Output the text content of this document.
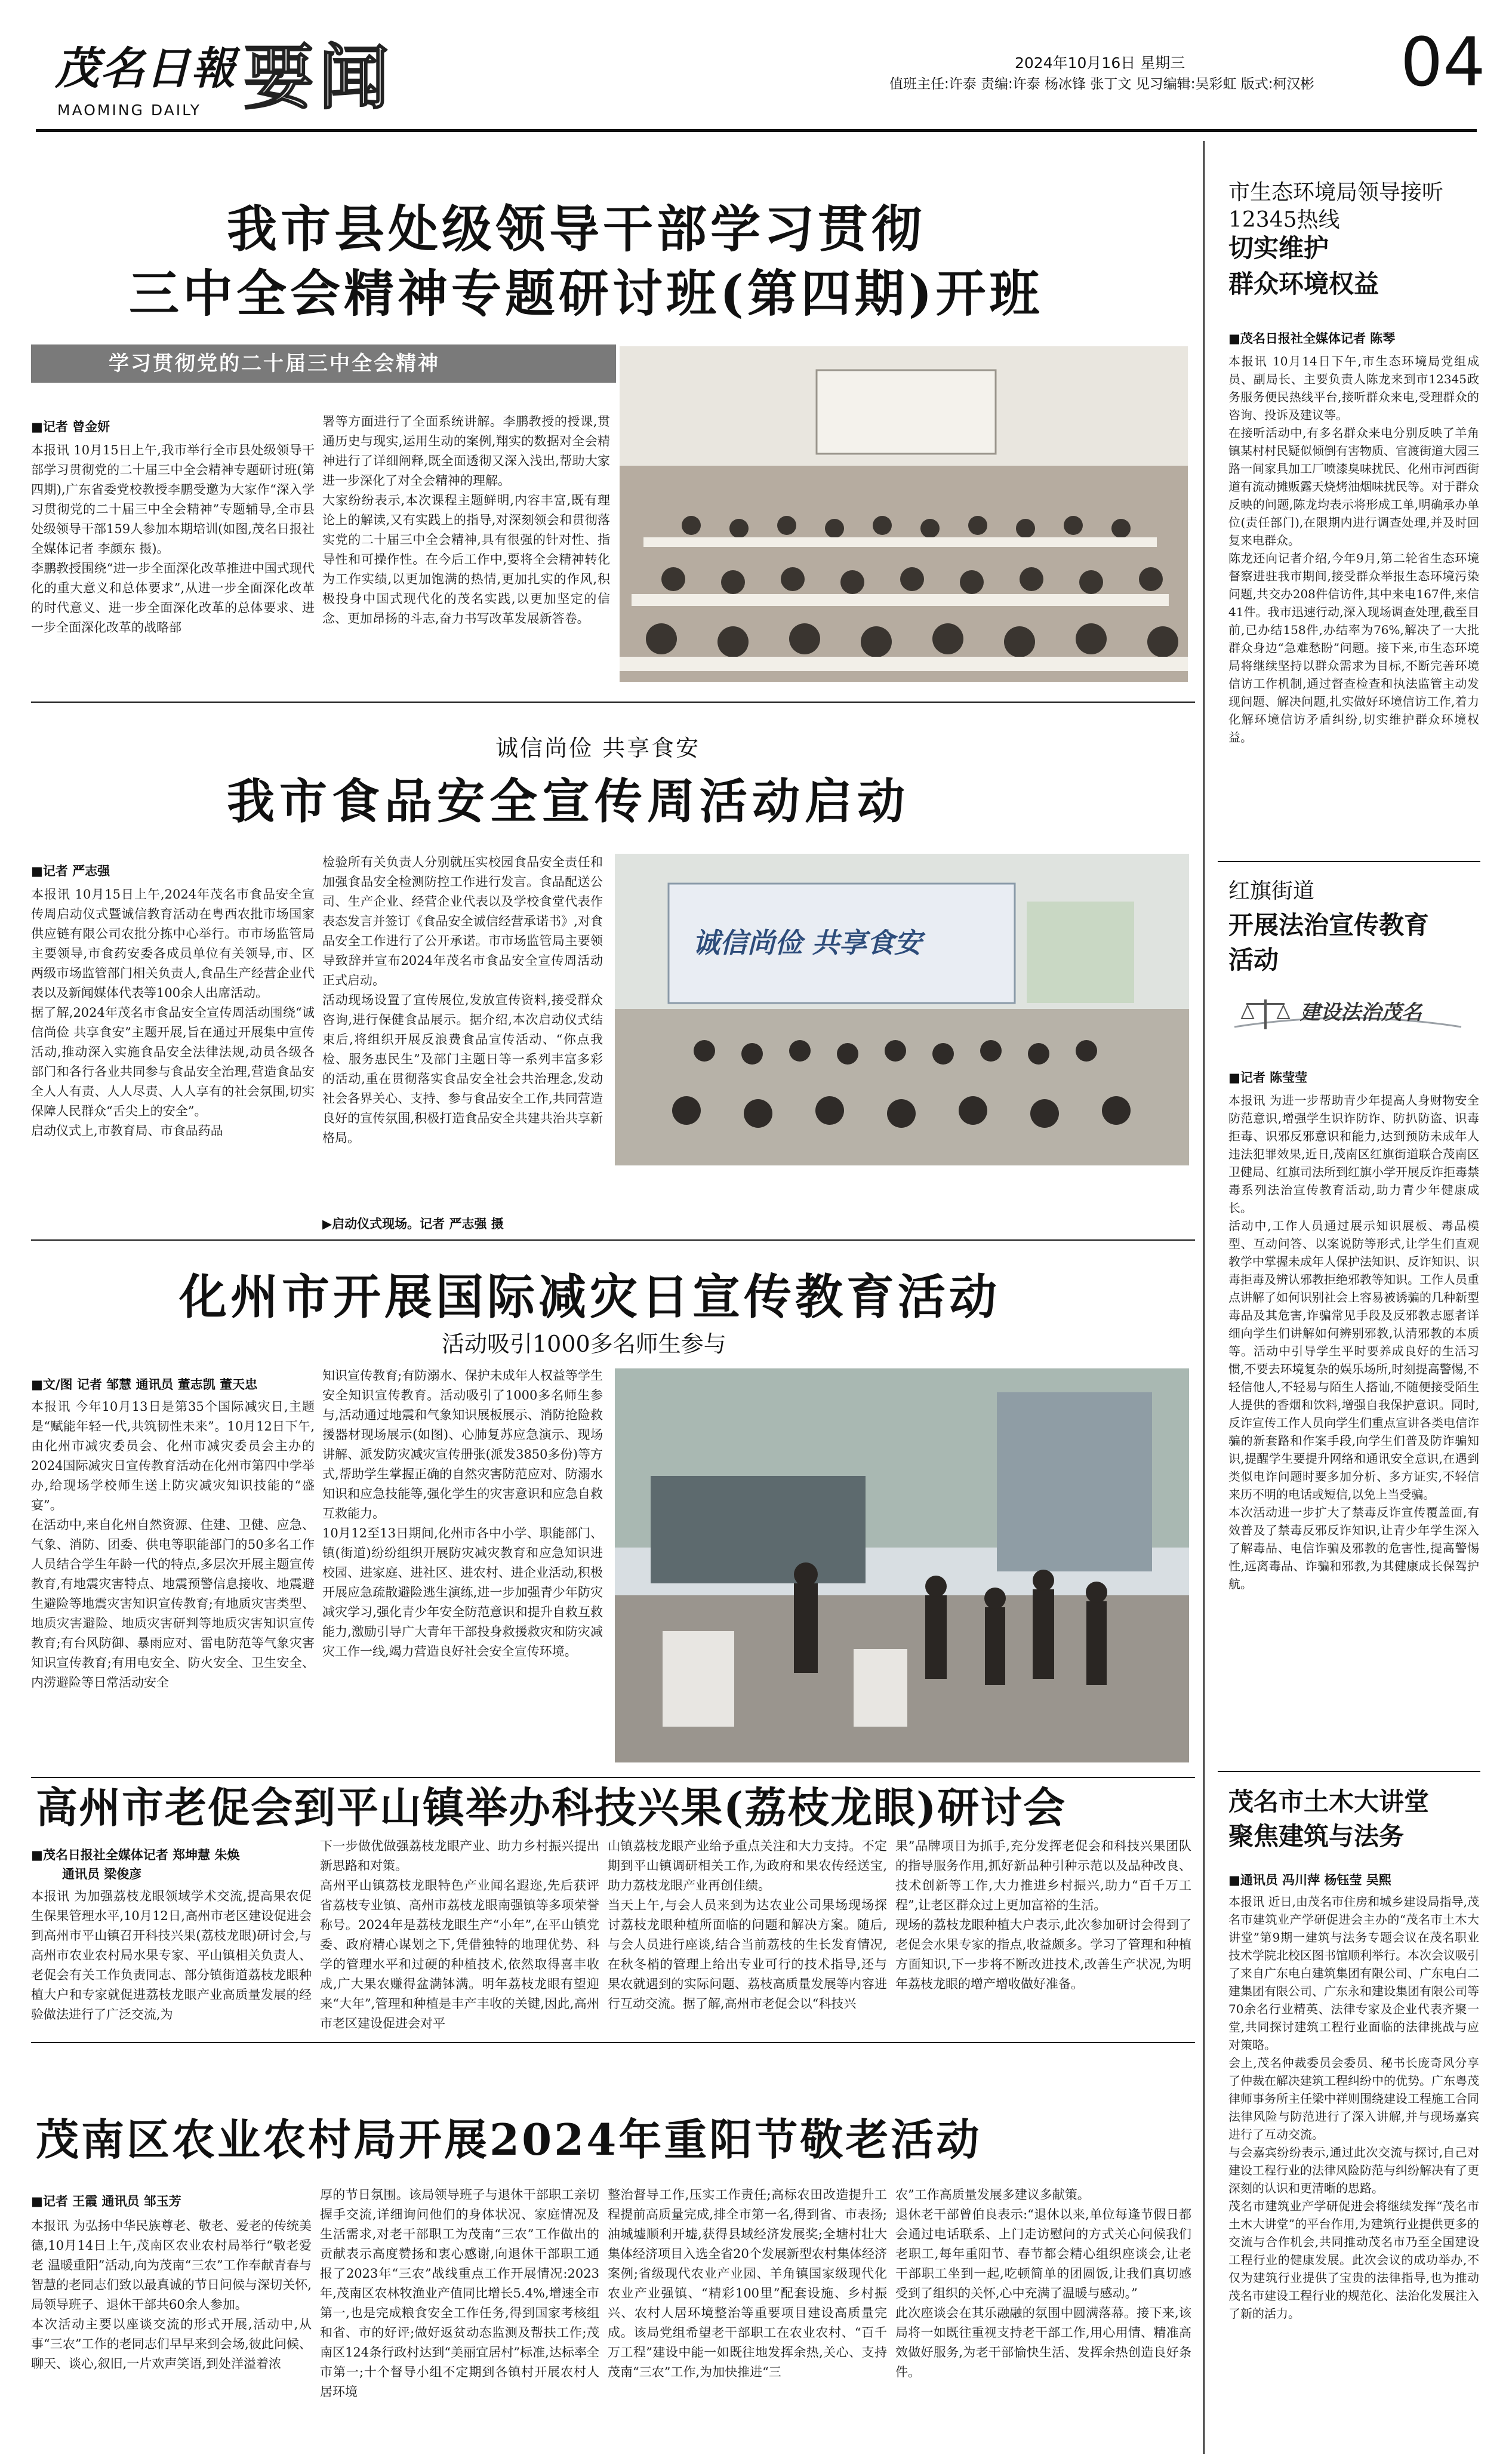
茂名日報
MAOMING DAILY 要闻	2024年10月16日 星期三
值班主任:许泰 责编:许泰 杨冰锋 张丁文 见习编辑:吴彩虹 版式:柯汉彬 04
我市县处级领导干部学习贯彻
三中全会精神专题研讨班(第四期)开班
学习贯彻党的二十届三中全会精神
■记者 曾金妍
本报讯 10月15日上午,我市举行全市县处级领导干部学习贯彻党的二十届三中全会精神专题研讨班(第四期),广东省委党校教授李鹏受邀为大家作“深入学习贯彻党的二十届三中全会精神”专题辅导,全市县处级领导干部159人参加本期培训(如图,茂名日报社全媒体记者 李颜东 摄)。
李鹏教授围绕“进一步全面深化改革推进中国式现代化的重大意义和总体要求”,从进一步全面深化改革的时代意义、进一步全面深化改革的总体要求、进一步全面深化改革的战略部
署等方面进行了全面系统讲解。李鹏教授的授课,贯通历史与现实,运用生动的案例,翔实的数据对全会精神进行了详细阐释,既全面透彻又深入浅出,帮助大家进一步深化了对全会精神的理解。
大家纷纷表示,本次课程主题鲜明,内容丰富,既有理论上的解读,又有实践上的指导,对深刻领会和贯彻落实党的二十届三中全会精神,具有很强的针对性、指导性和可操作性。在今后工作中,要将全会精神转化为工作实绩,以更加饱满的热情,更加扎实的作风,积极投身中国式现代化的茂名实践,以更加坚定的信念、更加昂扬的斗志,奋力书写改革发展新答卷。
诚信尚俭 共享食安
我市食品安全宣传周活动启动
■记者 严志强
本报讯 10月15日上午,2024年茂名市食品安全宣传周启动仪式暨诚信教育活动在粤西农批市场国家供应链有限公司农批分拣中心举行。市市场监管局主要领导,市食药安委各成员单位有关领导,市、区两级市场监管部门相关负责人,食品生产经营企业代表以及新闻媒体代表等100余人出席活动。
据了解,2024年茂名市食品安全宣传周活动围绕“诚信尚俭 共享食安”主题开展,旨在通过开展集中宣传活动,推动深入实施食品安全法律法规,动员各级各部门和各行各业共同参与食品安全治理,营造食品安全人人有责、人人尽责、人人享有的社会氛围,切实保障人民群众“舌尖上的安全”。
启动仪式上,市教育局、市食品药品
检验所有关负责人分别就压实校园食品安全责任和加强食品安全检测防控工作进行发言。食品配送公司、生产企业、经营企业代表以及学校食堂代表作表态发言并签订《食品安全诚信经营承诺书》,对食品安全工作进行了公开承诺。市市场监管局主要领导致辞并宣布2024年茂名市食品安全宣传周活动正式启动。
活动现场设置了宣传展位,发放宣传资料,接受群众咨询,进行保健食品展示。据介绍,本次启动仪式结束后,将组织开展反浪费食品宣传活动、“你点我检、服务惠民生”及部门主题日等一系列丰富多彩的活动,重在贯彻落实食品安全社会共治理念,发动社会各界关心、支持、参与食品安全工作,共同营造良好的宣传氛围,积极打造食品安全共建共治共享新格局。
诚信尚俭 共享食安
▶启动仪式现场。记者 严志强 摄
化州市开展国际减灾日宣传教育活动
活动吸引1000多名师生参与
■文/图 记者 邹慧 通讯员 董志凯 董天忠
本报讯 今年10月13日是第35个国际减灾日,主题是“赋能年轻一代,共筑韧性未来”。10月12日下午,由化州市减灾委员会、化州市减灾委员会主办的2024国际减灾日宣传教育活动在化州市第四中学举办,给现场学校师生送上防灾减灾知识技能的“盛宴”。
在活动中,来自化州自然资源、住建、卫健、应急、气象、消防、团委、供电等职能部门的50多名工作人员结合学生年龄一代的特点,多层次开展主题宣传教育,有地震灾害特点、地震预警信息接收、地震避生避险等地震灾害知识宣传教育;有地质灾害类型、地质灾害避险、地质灾害研判等地质灾害知识宣传教育;有台风防御、暴雨应对、雷电防范等气象灾害知识宣传教育;有用电安全、防火安全、卫生安全、内涝避险等日常活动安全
知识宣传教育;有防溺水、保护未成年人权益等学生安全知识宣传教育。活动吸引了1000多名师生参与,活动通过地震和气象知识展板展示、消防抢险救援器材现场展示(如图)、心肺复苏应急演示、现场讲解、派发防灾减灾宣传册张(派发3850多份)等方式,帮助学生掌握正确的自然灾害防范应对、防溺水知识和应急技能等,强化学生的灾害意识和应急自救互救能力。
10月12至13日期间,化州市各中小学、职能部门、镇(街道)纷纷组织开展防灾减灾教育和应急知识进校园、进家庭、进社区、进农村、进企业活动,积极开展应急疏散避险逃生演练,进一步加强青少年防灾减灾学习,强化青少年安全防范意识和提升自救互救能力,激励引导广大青年干部投身救援救灾和防灾减灾工作一线,竭力营造良好社会安全宣传环境。
高州市老促会到平山镇举办科技兴果(荔枝龙眼)研讨会
■茂名日报社全媒体记者 郑坤慧 朱焕
通讯员 梁俊彦
本报讯 为加强荔枝龙眼领域学术交流,提高果农促生保果管理水平,10月12日,高州市老区建设促进会到高州市平山镇召开科技兴果(荔枝龙眼)研讨会,与高州市农业农村局水果专家、平山镇相关负责人、老促会有关工作负责同志、部分镇街道荔枝龙眼种植大户和专家就促进荔枝龙眼产业高质量发展的经验做法进行了广泛交流,为
下一步做优做强荔枝龙眼产业、助力乡村振兴提出新思路和对策。
高州平山镇荔枝龙眼特色产业闻名遐迩,先后获评省荔枝专业镇、高州市荔枝龙眼南强镇等多项荣誉称号。2024年是荔枝龙眼生产“小年”,在平山镇党委、政府精心谋划之下,凭借独特的地理优势、科学的管理水平和过硬的种植技术,依然取得喜丰收成,广大果农赚得盆满钵满。明年荔枝龙眼有望迎来“大年”,管理和种植是丰产丰收的关键,因此,高州市老区建设促进会对平
山镇荔枝龙眼产业给予重点关注和大力支持。不定期到平山镇调研相关工作,为政府和果农传经送宝,助力荔枝龙眼产业再创佳绩。
当天上午,与会人员来到为达农业公司果场现场探讨荔枝龙眼种植所面临的问题和解决方案。随后,与会人员进行座谈,结合当前荔枝的生长发育情况,在秋冬梢的管理上给出专业可行的技术指导,还与果农就遇到的实际问题、荔枝高质量发展等内容进行互动交流。据了解,高州市老促会以“科技兴
果”品牌项目为抓手,充分发挥老促会和科技兴果团队的指导服务作用,抓好新品种引种示范以及品种改良、技术创新等工作,大力推进乡村振兴,助力“百千万工程”,让老区群众过上更加富裕的生活。
现场的荔枝龙眼种植大户表示,此次参加研讨会得到了老促会水果专家的指点,收益颇多。学习了管理和种植方面知识,下一步将不断改进技术,改善生产状况,为明年荔枝龙眼的增产增收做好准备。
茂南区农业农村局开展2024年重阳节敬老活动
■记者 王霞 通讯员 邹玉芳
本报讯 为弘扬中华民族尊老、敬老、爱老的传统美德,10月14日上午,茂南区农业农村局举行“敬老爱老 温暖重阳”活动,向为茂南“三农”工作奉献青春与智慧的老同志们致以最真诚的节日问候与深切关怀,局领导班子、退休干部共60余人参加。
本次活动主要以座谈交流的形式开展,活动中,从事“三农”工作的老同志们早早来到会场,彼此问候、聊天、谈心,叙旧,一片欢声笑语,到处洋溢着浓
厚的节日氛围。该局领导班子与退休干部职工亲切握手交流,详细询问他们的身体状况、家庭情况及生活需求,对老干部职工为茂南“三农”工作做出的贡献表示高度赞扬和衷心感谢,向退休干部职工通报了2023年“三农”战线重点工作开展情况:2023年,茂南区农林牧渔业产值同比增长5.4%,增速全市第一,也是完成粮食安全工作任务,得到国家考核组和省、市的好评;做好返贫动态监测及帮扶工作;茂南区124条行政村达到“美丽宜居村”标准,达标率全市第一;十个督导小组不定期到各镇村开展农村人居环境
整治督导工作,压实工作责任;高标农田改造提升工程提前高质量完成,排全市第一名,得到省、市表扬;油城墟顺利开墟,获得县域经济发展奖;全塘村壮大集体经济项目入选全省20个发展新型农村集体经济案例;省级现代农业产业园、羊角镇国家级现代化农业产业强镇、“精彩100里”配套设施、乡村振兴、农村人居环境整治等重要项目建设高质量完成。该局党组希望老干部职工在农业农村、“百千万工程”建设中能一如既往地发挥余热,关心、支持茂南“三农”工作,为加快推进“三
农”工作高质量发展多建议多献策。
退休老干部曾伯良表示:“退休以来,单位每逢节假日都会通过电话联系、上门走访慰问的方式关心问候我们老职工,每年重阳节、春节都会精心组织座谈会,让老干部职工坐到一起,吃顿简单的团圆饭,让我们真切感受到了组织的关怀,心中充满了温暖与感动。”
此次座谈会在其乐融融的氛围中圆满落幕。接下来,该局将一如既往重视支持老干部工作,用心用情、精准高效做好服务,为老干部愉快生活、发挥余热创造良好条件。
市生态环境局领导接听12345热线
切实维护
群众环境权益
■茂名日报社全媒体记者 陈琴
本报讯 10月14日下午,市生态环境局党组成员、副局长、主要负责人陈龙来到市12345政务服务便民热线平台,接听群众来电,受理群众的咨询、投诉及建议等。
在接听活动中,有多名群众来电分别反映了羊角镇某村村民疑似倾倒有害物质、官渡街道大园三路一间家具加工厂喷漆臭味扰民、化州市河西街道有流动摊贩露天烧烤油烟味扰民等。对于群众反映的问题,陈龙均表示将形成工单,明确承办单位(责任部门),在限期内进行调查处理,并及时回复来电群众。
陈龙还向记者介绍,今年9月,第二轮省生态环境督察进驻我市期间,接受群众举报生态环境污染问题,共交办208件信访件,其中来电167件,来信41件。我市迅速行动,深入现场调查处理,截至目前,已办结158件,办结率为76%,解决了一大批群众身边“急难愁盼”问题。接下来,市生态环境局将继续坚持以群众需求为目标,不断完善环境信访工作机制,通过督查检查和执法监管主动发现问题、解决问题,扎实做好环境信访工作,着力化解环境信访矛盾纠纷,切实维护群众环境权益。
红旗街道
开展法治宣传教育
活动
建设法治茂名
■记者 陈莹莹
本报讯 为进一步帮助青少年提高人身财物安全防范意识,增强学生识诈防诈、防扒防盗、识毒拒毒、识邪反邪意识和能力,达到预防未成年人违法犯罪效果,近日,茂南区红旗街道联合茂南区卫健局、红旗司法所到红旗小学开展反诈拒毒禁毒系列法治宣传教育活动,助力青少年健康成长。
活动中,工作人员通过展示知识展板、毒品模型、互动问答、以案说防等形式,让学生们直观教学中掌握未成年人保护法知识、反诈知识、识毒拒毒及辨认邪教拒绝邪教等知识。工作人员重点讲解了如何识别社会上容易被诱骗的几种新型毒品及其危害,诈骗常见手段及反邪教志愿者详细向学生们讲解如何辨别邪教,认清邪教的本质等。活动中引导学生平时要养成良好的生活习惯,不要去环境复杂的娱乐场所,时刻提高警惕,不轻信他人,不轻易与陌生人搭讪,不随便接受陌生人提供的香烟和饮料,增强自我保护意识。同时,反诈宣传工作人员向学生们重点宣讲各类电信诈骗的新套路和作案手段,向学生们普及防诈骗知识,提醒学生要提升网络和通讯安全意识,在遇到类似电诈问题时要多加分析、多方证实,不轻信来历不明的电话或短信,以免上当受骗。
本次活动进一步扩大了禁毒反诈宣传覆盖面,有效普及了禁毒反邪反诈知识,让青少年学生深入了解毒品、电信诈骗及邪教的危害性,提高警惕性,远离毒品、诈骗和邪教,为其健康成长保驾护航。
茂名市土木大讲堂
聚焦建筑与法务
■通讯员 冯川萍 杨钰莹 吴熙
本报讯 近日,由茂名市住房和城乡建设局指导,茂名市建筑业产学研促进会主办的“茂名市土木大讲堂”第9期一建筑与法务专题会议在茂名职业技术学院北校区图书馆顺利举行。本次会议吸引了来自广东电白建筑集团有限公司、广东电白二建集团有限公司、广东永和建设集团有限公司等70余名行业精英、法律专家及企业代表齐聚一堂,共同探讨建筑工程行业面临的法律挑战与应对策略。
会上,茂名仲裁委员会委员、秘书长庞奇风分享了仲裁在解决建筑工程纠纷中的优势。广东粤茂律师事务所主任梁中祥则围绕建设工程施工合同法律风险与防范进行了深入讲解,并与现场嘉宾进行了互动交流。
与会嘉宾纷纷表示,通过此次交流与探讨,自己对建设工程行业的法律风险防范与纠纷解决有了更深刻的认识和更清晰的思路。
茂名市建筑业产学研促进会将继续发挥“茂名市土木大讲堂”的平台作用,为建筑行业提供更多的交流与合作机会,共同推动茂名市乃至全国建设工程行业的健康发展。此次会议的成功举办,不仅为建筑行业提供了宝贵的法律指导,也为推动茂名市建设工程行业的规范化、法治化发展注入了新的活力。
